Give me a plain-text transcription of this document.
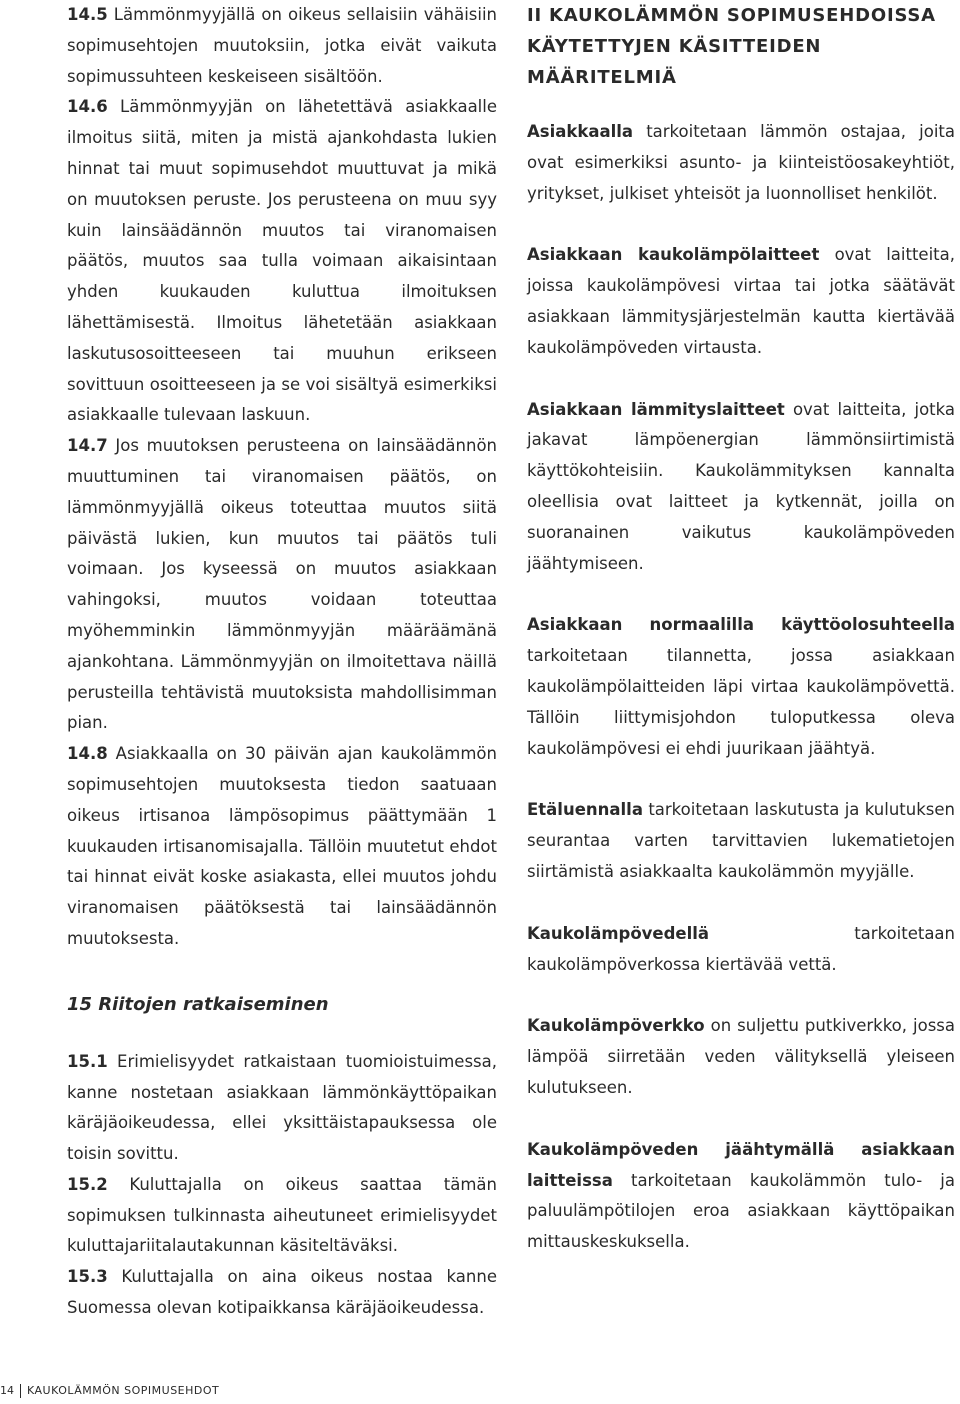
14.5 Lämmönmyyjällä on oikeus sellaisiin vähäisiin sopimusehtojen muutoksiin, jotka eivät vaikuta sopimussuhteen keskeiseen sisältöön.

14.6 Lämmönmyyjän on lähetettävä asiakkaalle ilmoitus siitä, miten ja mistä ajankohdasta lukien hinnat tai muut sopimusehdot muuttuvat ja mikä on muutoksen peruste. Jos perusteena on muu syy kuin lainsäädännön muutos tai viranomaisen päätös, muutos saa tulla voimaan aikaisintaan yhden kuukauden kuluttua ilmoituksen lähettämisestä. Ilmoitus lähetetään asiakkaan laskutusosoitteeseen tai muuhun erikseen sovittuun osoitteeseen ja se voi sisältyä esimerkiksi asiakkaalle tulevaan laskuun.

14.7 Jos muutoksen perusteena on lainsäädännön muuttuminen tai viranomaisen päätös, on lämmönmyyjällä oikeus toteuttaa muutos siitä päivästä lukien, kun muutos tai päätös tuli voimaan. Jos kyseessä on muutos asiakkaan vahingoksi, muutos voidaan toteuttaa myöhemminkin lämmönmyyjän määräämänä ajankohtana. Lämmönmyyjän on ilmoitettava näillä perusteilla tehtävistä muutoksista mahdollisimman pian.

14.8 Asiakkaalla on 30 päivän ajan kaukolämmön sopimusehtojen muutoksesta tiedon saatuaan oikeus irtisanoa lämpösopimus päättymään 1 kuukauden irtisanomisajalla. Tällöin muutetut ehdot tai hinnat eivät koske asiakasta, ellei muutos johdu viranomaisen päätöksestä tai lainsäädännön muutoksesta.

15 Riitojen ratkaiseminen

15.1 Erimielisyydet ratkaistaan tuomioistuimessa, kanne nostetaan asiakkaan lämmönkäyttöpaikan käräjäoikeudessa, ellei yksittäistapauksessa ole toisin sovittu.

15.2 Kuluttajalla on oikeus saattaa tämän sopimuksen tulkinnasta aiheutuneet erimielisyydet kuluttajariitalautakunnan käsiteltäväksi.

15.3 Kuluttajalla on aina oikeus nostaa kanne Suomessa olevan kotipaikkansa käräjäoikeudessa.

II KAUKOLÄMMÖN SOPIMUSEHDOISSA KÄYTETTYJEN KÄSITTEIDEN MÄÄRITELMIÄ

Asiakkaalla tarkoitetaan lämmön ostajaa, joita ovat esimerkiksi asunto- ja kiinteistöosakeyhtiöt, yritykset, julkiset yhteisöt ja luonnolliset henkilöt.

Asiakkaan kaukolämpölaitteet ovat laitteita, joissa kaukolämpövesi virtaa tai jotka säätävät asiakkaan lämmitysjärjestelmän kautta kiertävää kaukolämpöveden virtausta.

Asiakkaan lämmityslaitteet ovat laitteita, jotka jakavat lämpöenergian lämmönsiirtimistä käyttökohteisiin. Kaukolämmityksen kannalta oleellisia ovat laitteet ja kytkennät, joilla on suoranainen vaikutus kaukolämpöveden jäähtymiseen.

Asiakkaan normaalilla käyttöolosuhteella tarkoitetaan tilannetta, jossa asiakkaan kaukolämpölaitteiden läpi virtaa kaukolämpövettä. Tällöin liittymisjohdon tuloputkessa oleva kaukolämpövesi ei ehdi juurikaan jäähtyä.

Etäluennalla tarkoitetaan laskutusta ja kulutuksen seurantaa varten tarvittavien lukematietojen siirtämistä asiakkaalta kaukolämmön myyjälle.

Kaukolämpövedellä tarkoitetaan kaukolämpöverkossa kiertävää vettä.

Kaukolämpöverkko on suljettu putkiverkko, jossa lämpöä siirretään veden välityksellä yleiseen kulutukseen.

Kaukolämpöveden jäähtymällä asiakkaan laitteissa tarkoitetaan kaukolämmön tulo- ja paluulämpötilojen eroa asiakkaan käyttöpaikan mittauskeskuksella.

14	KAUKOLÄMMÖN SOPIMUSEHDOT
